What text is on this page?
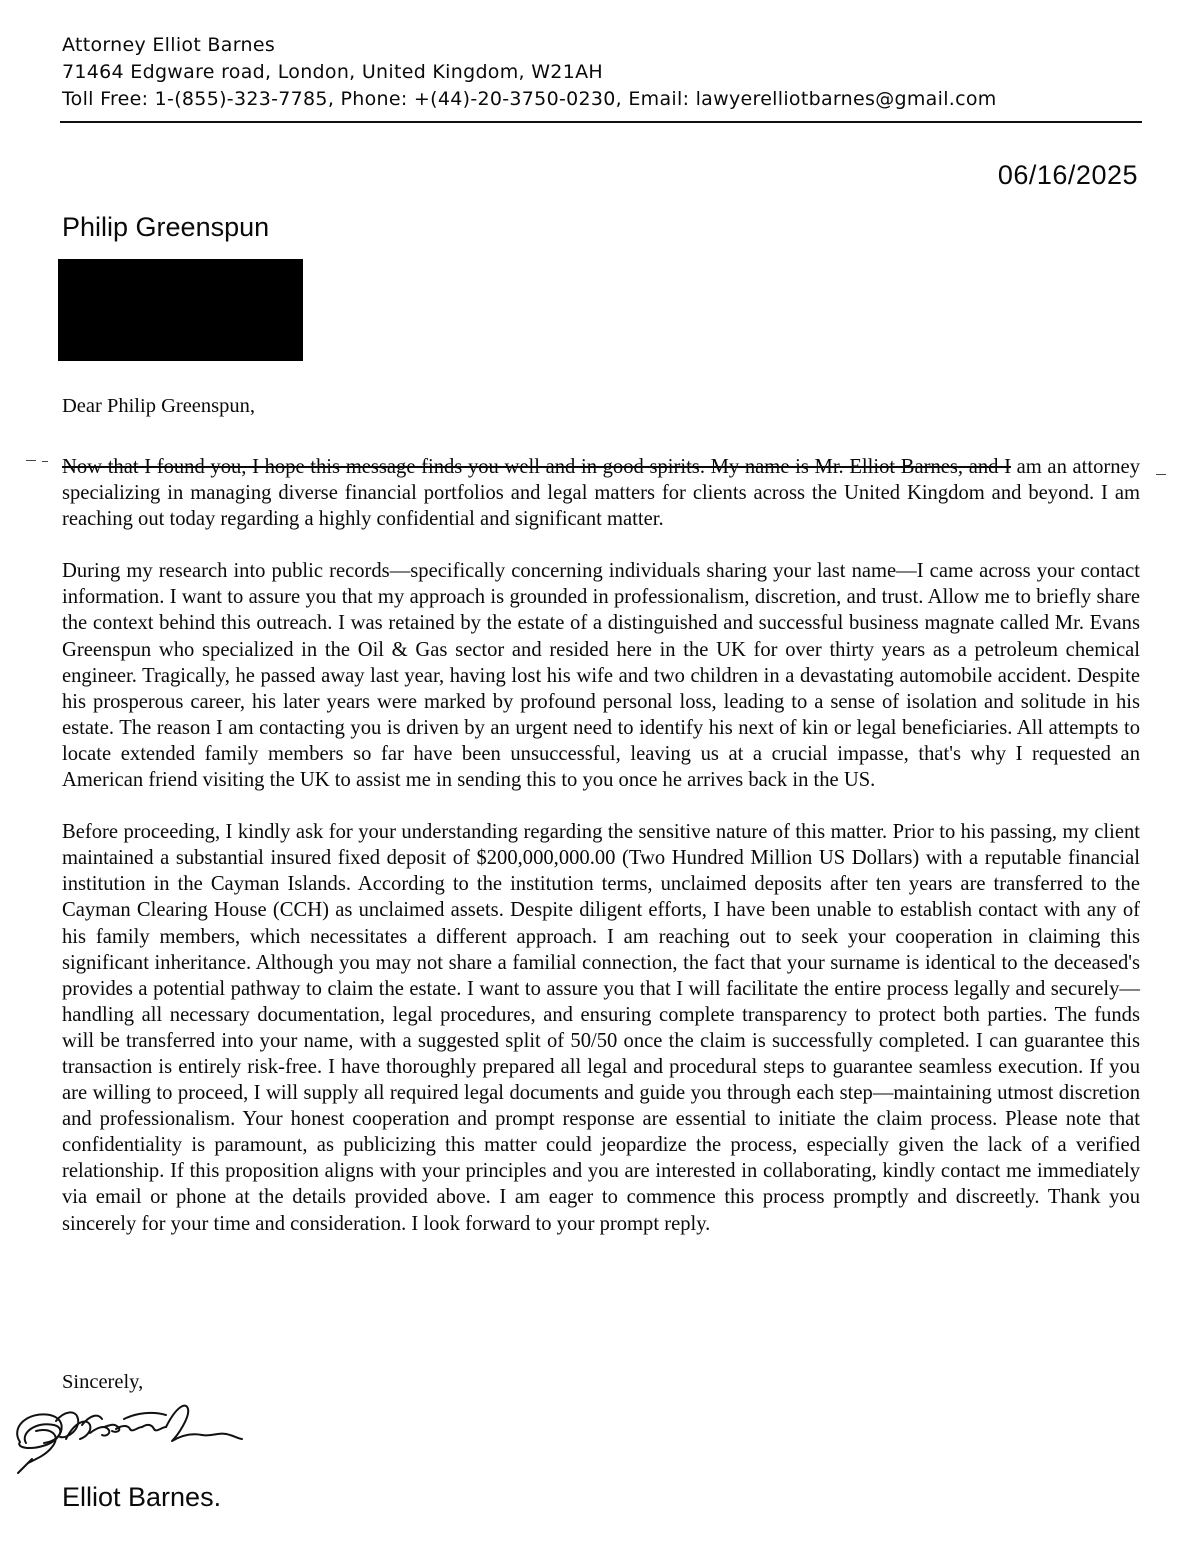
Attorney Elliot Barnes
71464 Edgware road, London, United Kingdom, W21AH
Toll Free: 1-(855)-323-7785, Phone: +(44)-20-3750-0230, Email: lawyerelliotbarnes@gmail.com
06/16/2025
Philip Greenspun
Dear Philip Greenspun,

Now that I found you, I hope this message finds you well and in good spirits. My name is Mr. Elliot Barnes, and I am an attorney specializing in managing diverse financial portfolios and legal matters for clients across the United Kingdom and beyond. I am reaching out today regarding a highly confidential and significant matter.

During my research into public records—specifically concerning individuals sharing your last name—I came across your contact information. I want to assure you that my approach is grounded in professionalism, discretion, and trust. Allow me to briefly share the context behind this outreach. I was retained by the estate of a distinguished and successful business magnate called Mr. Evans Greenspun who specialized in the Oil & Gas sector and resided here in the UK for over thirty years as a petroleum chemical engineer. Tragically, he passed away last year, having lost his wife and two children in a devastating automobile accident. Despite his prosperous career, his later years were marked by profound personal loss, leading to a sense of isolation and solitude in his estate. The reason I am contacting you is driven by an urgent need to identify his next of kin or legal beneficiaries. All attempts to locate extended family members so far have been unsuccessful, leaving us at a crucial impasse, that's why I requested an American friend visiting the UK to assist me in sending this to you once he arrives back in the US.

Before proceeding, I kindly ask for your understanding regarding the sensitive nature of this matter. Prior to his passing, my client maintained a substantial insured fixed deposit of $200,000,000.00 (Two Hundred Million US Dollars) with a reputable financial institution in the Cayman Islands. According to the institution terms, unclaimed deposits after ten years are transferred to the Cayman Clearing House (CCH) as unclaimed assets. Despite diligent efforts, I have been unable to establish contact with any of his family members, which necessitates a different approach. I am reaching out to seek your cooperation in claiming this significant inheritance. Although you may not share a familial connection, the fact that your surname is identical to the deceased's provides a potential pathway to claim the estate. I want to assure you that I will facilitate the entire process legally and securely—handling all necessary documentation, legal procedures, and ensuring complete transparency to protect both parties. The funds will be transferred into your name, with a suggested split of 50/50 once the claim is successfully completed. I can guarantee this transaction is entirely risk-free. I have thoroughly prepared all legal and procedural steps to guarantee seamless execution. If you are willing to proceed, I will supply all required legal documents and guide you through each step—maintaining utmost discretion and professionalism. Your honest cooperation and prompt response are essential to initiate the claim process. Please note that confidentiality is paramount, as publicizing this matter could jeopardize the process, especially given the lack of a verified relationship. If this proposition aligns with your principles and you are interested in collaborating, kindly contact me immediately via email or phone at the details provided above. I am eager to commence this process promptly and discreetly. Thank you sincerely for your time and consideration. I look forward to your prompt reply.

Sincerely,
Elliot Barnes.
